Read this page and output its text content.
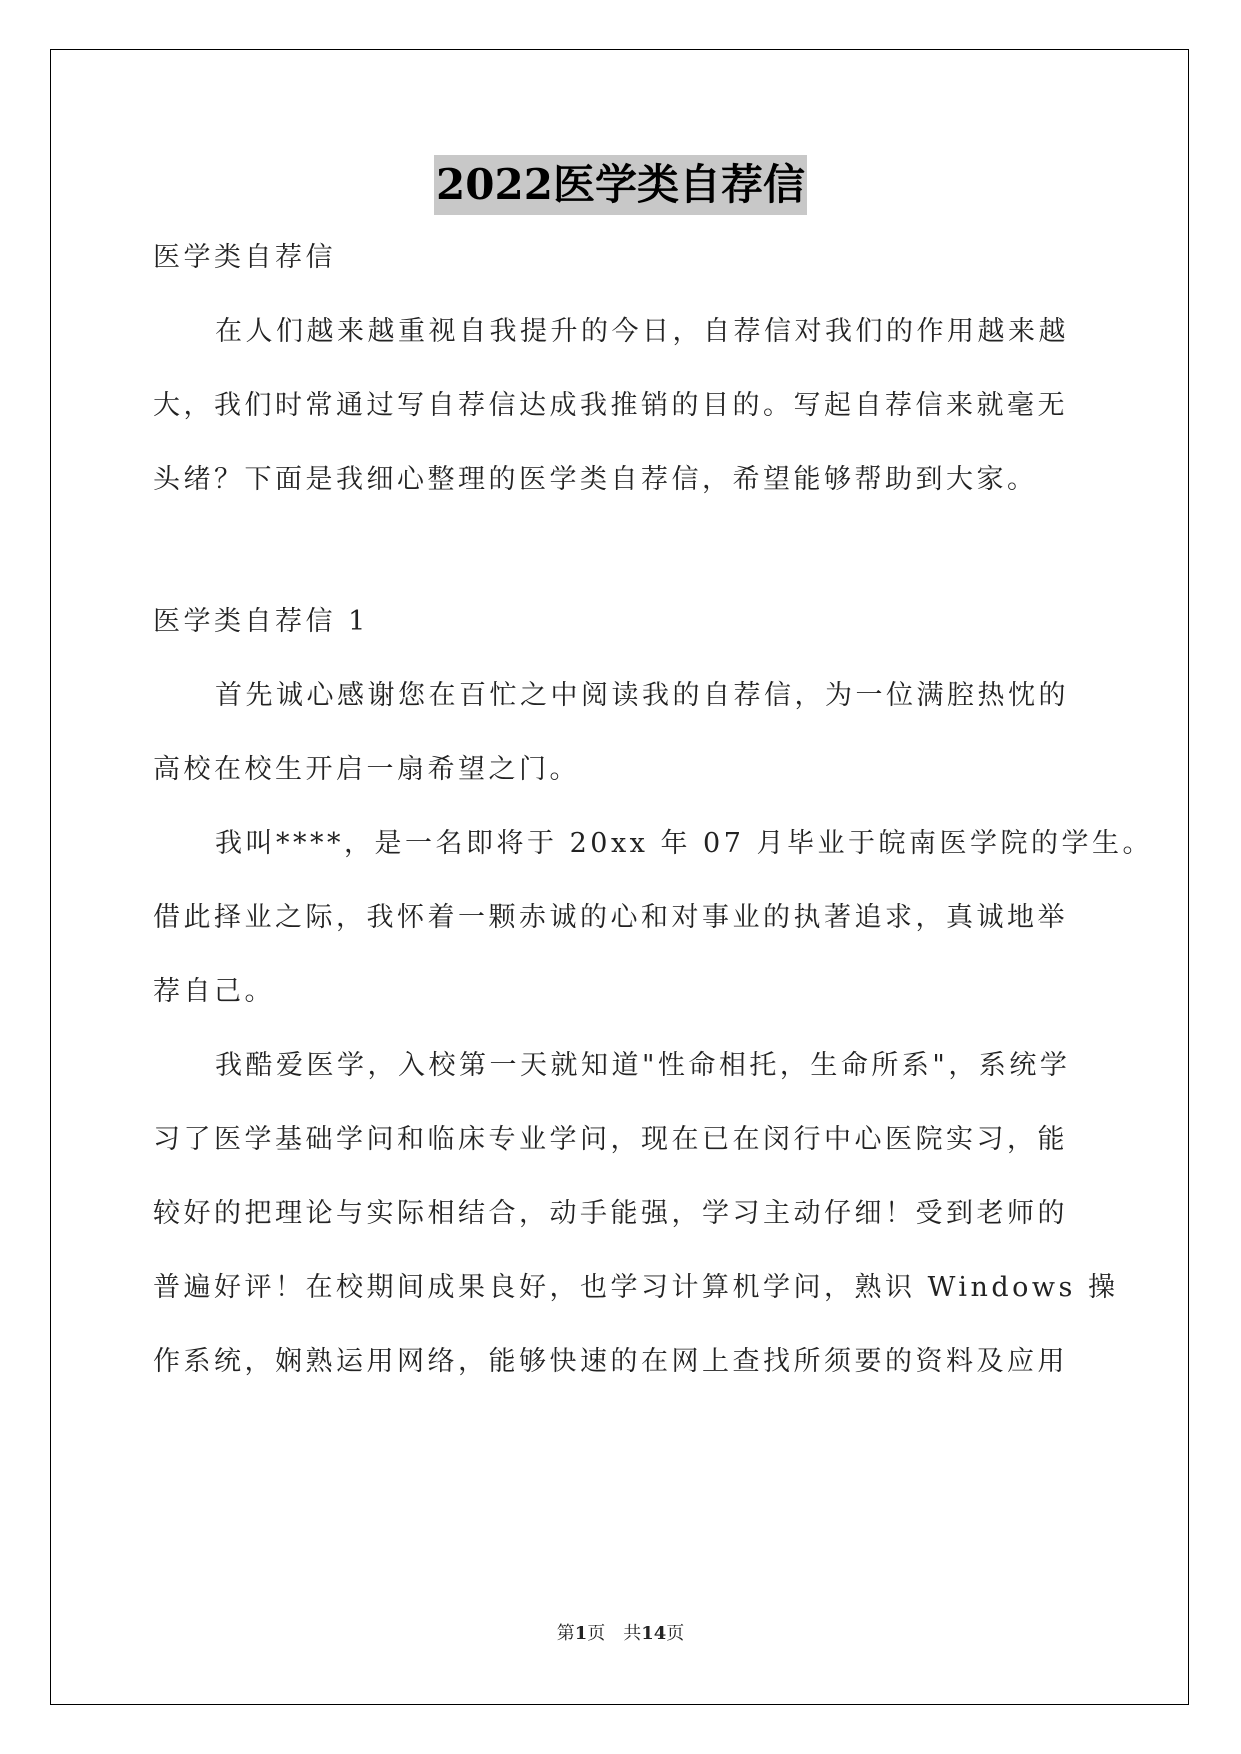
2022医学类自荐信
医学类自荐信
在人们越来越重视自我提升的今日，自荐信对我们的作用越来越
大，我们时常通过写自荐信达成我推销的目的。写起自荐信来就毫无
头绪？下面是我细心整理的医学类自荐信，希望能够帮助到大家。
医学类自荐信 1
首先诚心感谢您在百忙之中阅读我的自荐信，为一位满腔热忱的
高校在校生开启一扇希望之门。
我叫****，是一名即将于 20xx 年 07 月毕业于皖南医学院的学生。
借此择业之际，我怀着一颗赤诚的心和对事业的执著追求，真诚地举
荐自己。
我酷爱医学，入校第一天就知道"性命相托，生命所系"，系统学
习了医学基础学问和临床专业学问，现在已在闵行中心医院实习，能
较好的把理论与实际相结合，动手能强，学习主动仔细！受到老师的
普遍好评！在校期间成果良好，也学习计算机学问，熟识 Windows 操
作系统，娴熟运用网络，能够快速的在网上查找所须要的资料及应用
第1页 共14页
